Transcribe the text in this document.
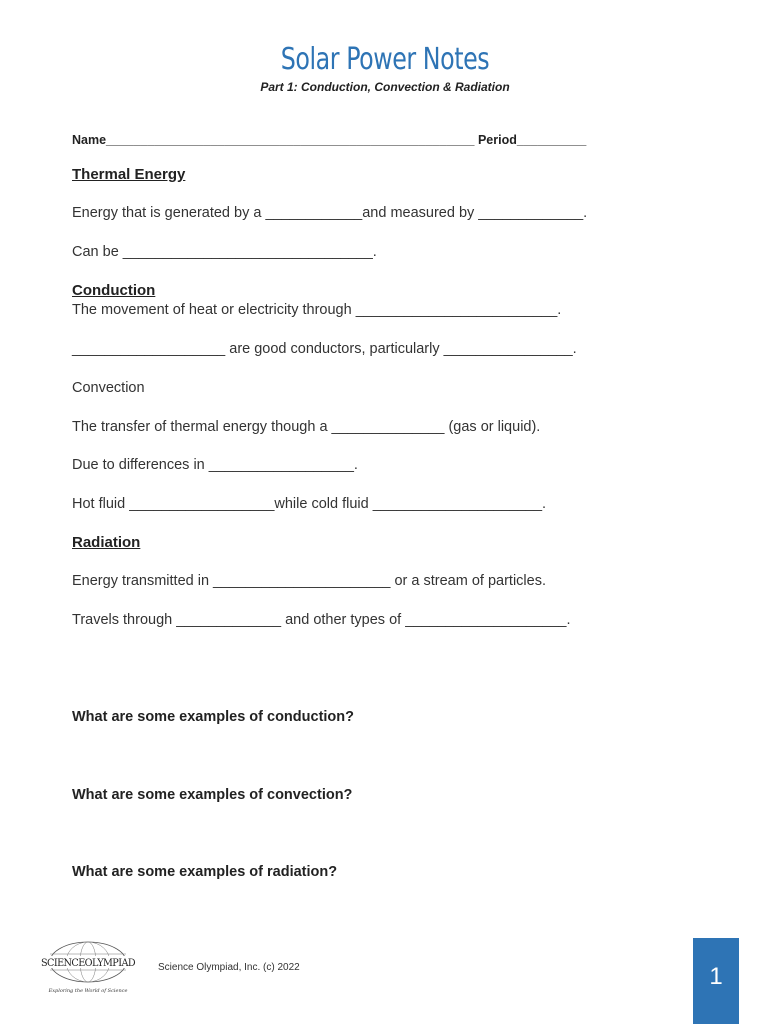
Solar Power Notes
Part 1: Conduction, Convection & Radiation
Name_____________________________________________________ Period__________
Thermal Energy
Energy that is generated by a ____________and measured by _____________.
Can be _______________________________.
Conduction
The movement of heat or electricity through _________________________.
___________________ are good conductors, particularly ________________.
Convection
The transfer of thermal energy though a ______________ (gas or liquid).
Due to differences in __________________.
Hot fluid __________________while cold fluid _____________________.
Radiation
Energy transmitted in ______________________ or a stream of particles.
Travels through _____________ and other types of ____________________.
What are some examples of conduction?
What are some examples of convection?
What are some examples of radiation?
SCIENCEOLYMPIAD
Exploring the World of Science
Science Olympiad, Inc. (c) 2022	1
